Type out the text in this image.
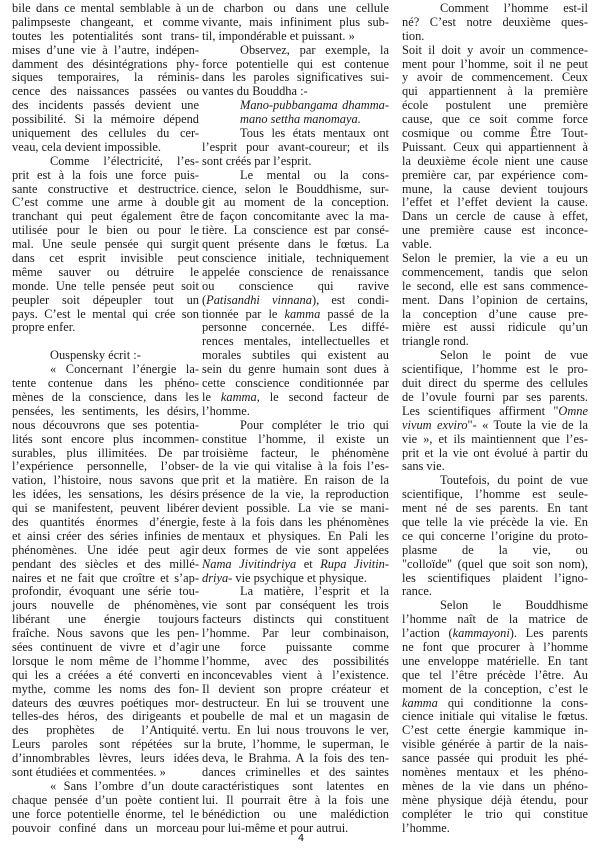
bile dans ce mental semblable à un
palimpseste changeant, et comme
toutes les potentialités sont trans-
mises d’une vie à l’autre, indépen-
damment des désintégrations phy-
siques temporaires, la réminis-
cence des naissances passées ou
des incidents passés devient une
possibilité. Si la mémoire dépend
uniquement des cellules du cer-
veau, cela devient impossible.
Comme l’électricité, l’es-
prit est à la fois une force puis-
sante constructive et destructrice.
C’est comme une arme à double
tranchant qui peut également être
utilisée pour le bien ou pour le
mal. Une seule pensée qui surgit
dans cet esprit invisible peut
même sauver ou détruire le
monde. Une telle pensée peut soit
peupler soit dépeupler tout un
pays. C’est le mental qui crée son
propre enfer.
Ouspensky écrit :-
« Concernant l’énergie la-
tente contenue dans les phéno-
mènes de la conscience, dans les
pensées, les sentiments, les désirs,
nous découvrons que ses potentia-
lités sont encore plus incommen-
surables, plus illimitées. De par
l’expérience personnelle, l’obser-
vation, l’histoire, nous savons que
les idées, les sensations, les désirs
qui se manifestent, peuvent libérer
des quantités énormes d’énergie,
et ainsi créer des séries infinies de
phénomènes. Une idée peut agir
pendant des siècles et des millé-
naires et ne fait que croître et s’ap-
profondir, évoquant une série tou-
jours nouvelle de phénomènes,
libérant une énergie toujours
fraîche. Nous savons que les pen-
sées continuent de vivre et d’agir
lorsque le nom même de l’homme
qui les a créées a été converti en
mythe, comme les noms des fon-
dateurs des œuvres poétiques mor-
telles-des héros, des dirigeants et
des prophètes de l’Antiquité.
Leurs paroles sont répétées sur
d’innombrables lèvres, leurs idées
sont étudiées et commentées. »
« Sans l’ombre d’un doute
chaque pensée d’un poète contient
une force potentielle énorme, tel le
pouvoir confiné dans un morceau
de charbon ou dans une cellule
vivante, mais infiniment plus sub-
til, impondérable et puissant. »
Observez, par exemple, la
force potentielle qui est contenue
dans les paroles significatives sui-
vantes du Bouddha :-
Mano-pubbangama dhamma-
mano settha manomaya.
Tous les états mentaux ont
l’esprit pour avant-coureur; et ils
sont créés par l’esprit.
Le mental ou la cons-
cience, selon le Bouddhisme, sur-
git au moment de la conception.
de façon concomitante avec la ma-
tière. La conscience est par consé-
quent présente dans le fœtus. La
conscience initiale, techniquement
appelée conscience de renaissance
ou conscience qui ravive
(Patisandhi vinnana), est condi-
tionnée par le kamma passé de la
personne concernée. Les diffé-
rences mentales, intellectuelles et
morales subtiles qui existent au
sein du genre humain sont dues à
cette conscience conditionnée par
le kamma, le second facteur de
l’homme.
Pour compléter le trio qui
constitue l’homme, il existe un
troisième facteur, le phénomène
de la vie qui vitalise à la fois l’es-
prit et la matière. En raison de la
présence de la vie, la reproduction
devient possible. La vie se mani-
feste à la fois dans les phénomènes
mentaux et physiques. En Pali les
deux formes de vie sont appelées
Nama Jivitindriya et Rupa Jivitin-
driya- vie psychique et physique.
La matière, l’esprit et la
vie sont par conséquent les trois
facteurs distincts qui constituent
l’homme. Par leur combinaison,
une force puissante comme
l’homme, avec des possibilités
inconcevables vient à l’existence.
Il devient son propre créateur et
destructeur. En lui se trouvent une
poubelle de mal et un magasin de
vertu. En lui nous trouvons le ver,
la brute, l’homme, le superman, le
deva, le Brahma. A la fois des ten-
dances criminelles et des saintes
caractéristiques sont latentes en
lui. Il pourrait être à la fois une
bénédiction ou une malédiction
pour lui-même et pour autrui.
Comment l’homme est-il
né? C’est notre deuxième ques-
tion.
Soit il doit y avoir un commence-
ment pour l’homme, soit il ne peut
y avoir de commencement. Ceux
qui appartiennent à la première
école postulent une première
cause, que ce soit comme force
cosmique ou comme Être Tout-
Puissant. Ceux qui appartiennent à
la deuxième école nient une cause
première car, par expérience com-
mune, la cause devient toujours
l’effet et l’effet devient la cause.
Dans un cercle de cause à effet,
une première cause est inconce-
vable.
Selon le premier, la vie a eu un
commencement, tandis que selon
le second, elle est sans commence-
ment. Dans l’opinion de certains,
la conception d’une cause pre-
mière est aussi ridicule qu’un
triangle rond.
Selon le point de vue
scientifique, l’homme est le pro-
duit direct du sperme des cellules
de l’ovule fourni par ses parents.
Les scientifiques affirment "Omne
vivum exviro"- « Toute la vie de la
vie », et ils maintiennent que l’es-
prit et la vie ont évolué à partir du
sans vie.
Toutefois, du point de vue
scientifique, l’homme est seule-
ment né de ses parents. En tant
que telle la vie précède la vie. En
ce qui concerne l’origine du proto-
plasme de la vie, ou
"colloïde" (quel que soit son nom),
les scientifiques plaident l’igno-
rance.
Selon le Bouddhisme
l’homme naît de la matrice de
l’action (kammayoni). Les parents
ne font que procurer à l’homme
une enveloppe matérielle. En tant
que tel l’être précède l’être. Au
moment de la conception, c’est le
kamma qui conditionne la cons-
cience initiale qui vitalise le fœtus.
C’est cette énergie kammique in-
visible générée à partir de la nais-
sance passée qui produit les phé-
nomènes mentaux et les phéno-
mènes de la vie dans un phéno-
mène physique déjà étendu, pour
compléter le trio qui constitue
l’homme.
4
